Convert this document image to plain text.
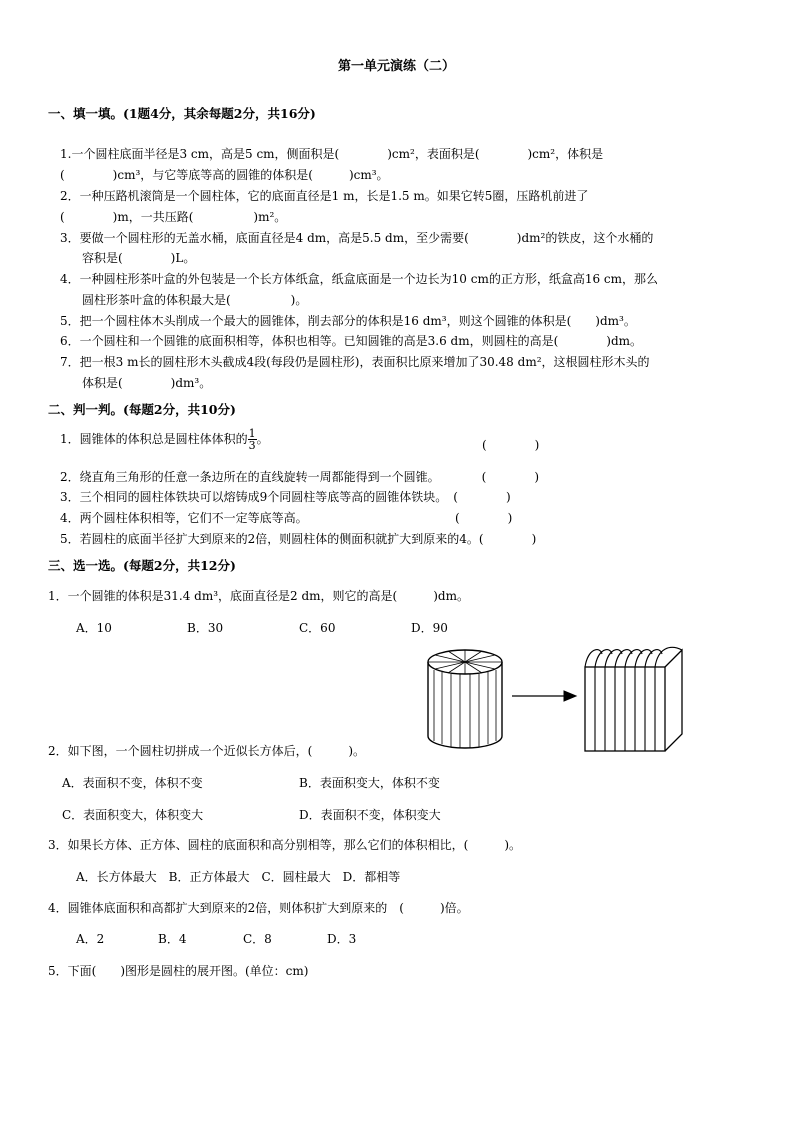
第一单元演练（二）
一、填一填。(1题4分，其余每题2分，共16分)
1.一个圆柱底面半径是3 cm，高是5 cm，侧面积是(　　　　)cm²，表面积是(　　　　)cm²，体积是
(　　　　)cm³，与它等底等高的圆锥的体积是(　　　)cm³。
2．一种压路机滚筒是一个圆柱体，它的底面直径是1 m，长是1.5 m。如果它转5圈，压路机前进了
(　　　　)m，一共压路(　　　　　)m²。
3．要做一个圆柱形的无盖水桶，底面直径是4 dm，高是5.5 dm，至少需要(　　　　)dm²的铁皮，这个水桶的
容积是(　　　　)L。
4．一种圆柱形茶叶盒的外包装是一个长方体纸盒，纸盒底面是一个边长为10 cm的正方形，纸盒高16 cm，那么
圆柱形茶叶盒的体积最大是(　　　　　)。
5．把一个圆柱体木头削成一个最大的圆锥体，削去部分的体积是16 dm³，则这个圆锥的体积是(　　)dm³。
6．一个圆柱和一个圆锥的底面积相等，体积也相等。已知圆锥的高是3.6 dm，则圆柱的高是(　　　　)dm。
7．把一根3 m长的圆柱形木头截成4段(每段仍是圆柱形)，表面积比原来增加了30.48 dm²，这根圆柱形木头的
体积是(　　　　)dm³。
二、判一判。(每题2分，共10分)
1．圆锥体的体积总是圆柱体体积的 $\frac{1}{3}$ 。	(　　　　)
2．绕直角三角形的任意一条边所在的直线旋转一周都能得到一个圆锥。　　　　(　　　　)
3．三个相同的圆柱体铁块可以熔铸成9个同圆柱等底等高的圆锥体铁块。　(　　　　)
4．两个圆柱体积相等，它们不一定等底等高。	(　　　　)
5．若圆柱的底面半径扩大到原来的2倍，则圆柱体的侧面积就扩大到原来的4。(　　　　)
三、选一选。(每题2分，共12分)
1．一个圆锥的体积是31.4 dm³，底面直径是2 dm，则它的高是(　　　)dm。
A．10	B．30	C．60	D．90
2．如下图，一个圆柱切拼成一个近似长方体后，(　　　)。
A．表面积不变，体积不变	B．表面积变大，体积不变
C．表面积变大，体积变大	D．表面积不变，体积变大
3．如果长方体、正方体、圆柱的底面积和高分别相等，那么它们的体积相比，(　　　)。
A．长方体最大　B．正方体最大　C．圆柱最大　D．都相等
4．圆锥体底面积和高都扩大到原来的2倍，则体积扩大到原来的　(　　　)倍。
A．2	B．4	C．8	D．3
5．下面(　　)图形是圆柱的展开图。(单位：cm)
